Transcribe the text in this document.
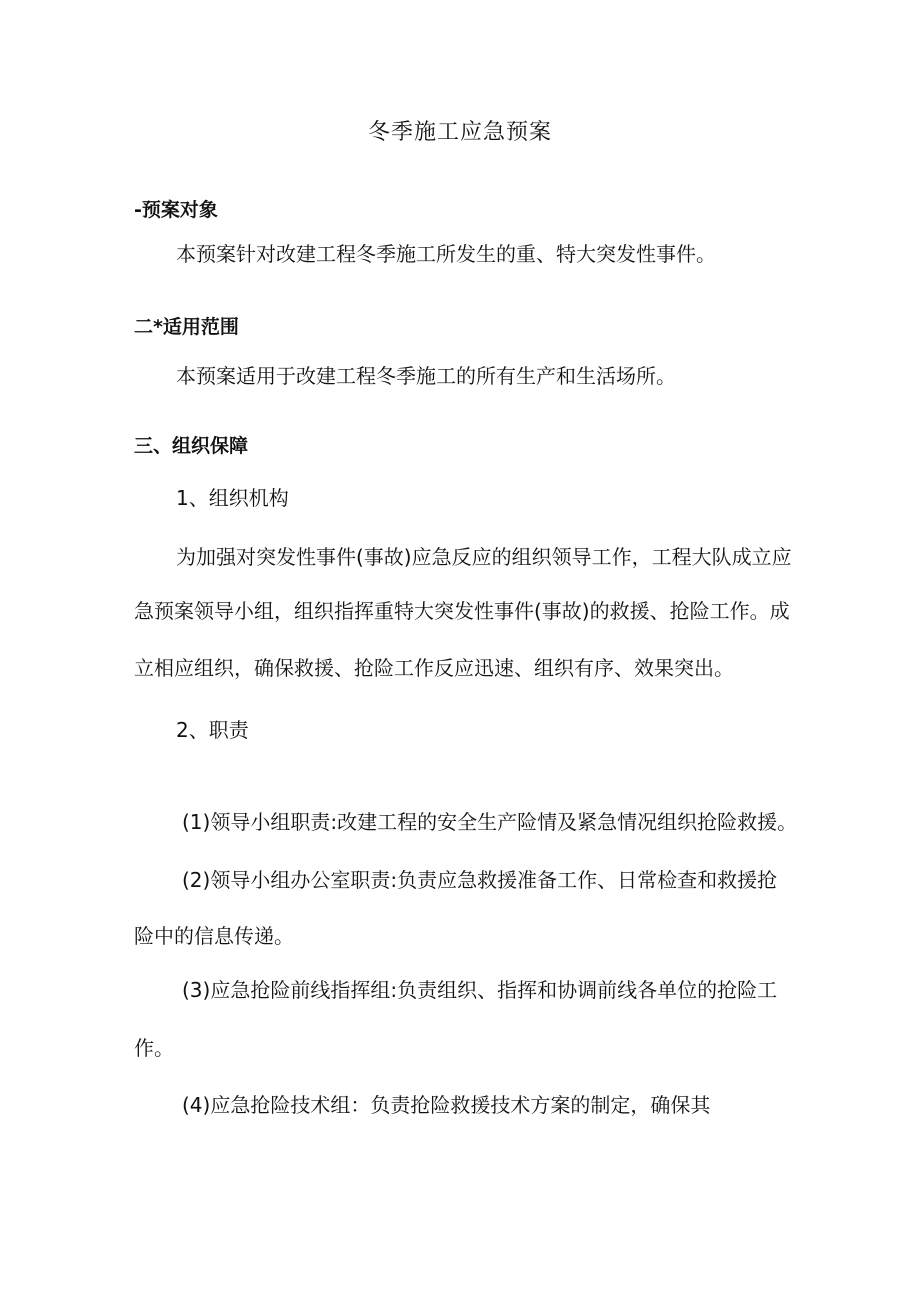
冬季施工应急预案
-预案对象
本预案针对改建工程冬季施工所发生的重、特大突发性事件。
二*适用范围
本预案适用于改建工程冬季施工的所有生产和生活场所。
三、组织保障
1、组织机构
为加强对突发性事件(事故)应急反应的组织领导工作，工程大队成立应
急预案领导小组，组织指挥重特大突发性事件(事故)的救援、抢险工作。成
立相应组织，确保救援、抢险工作反应迅速、组织有序、效果突出。
2、职责
(1)领导小组职责:改建工程的安全生产险情及紧急情况组织抢险救援。
(2)领导小组办公室职责:负责应急救援准备工作、日常检查和救援抢
险中的信息传递。
(3)应急抢险前线指挥组:负责组织、指挥和协调前线各单位的抢险工
作。
(4)应急抢险技术组：负责抢险救援技术方案的制定，确保其
